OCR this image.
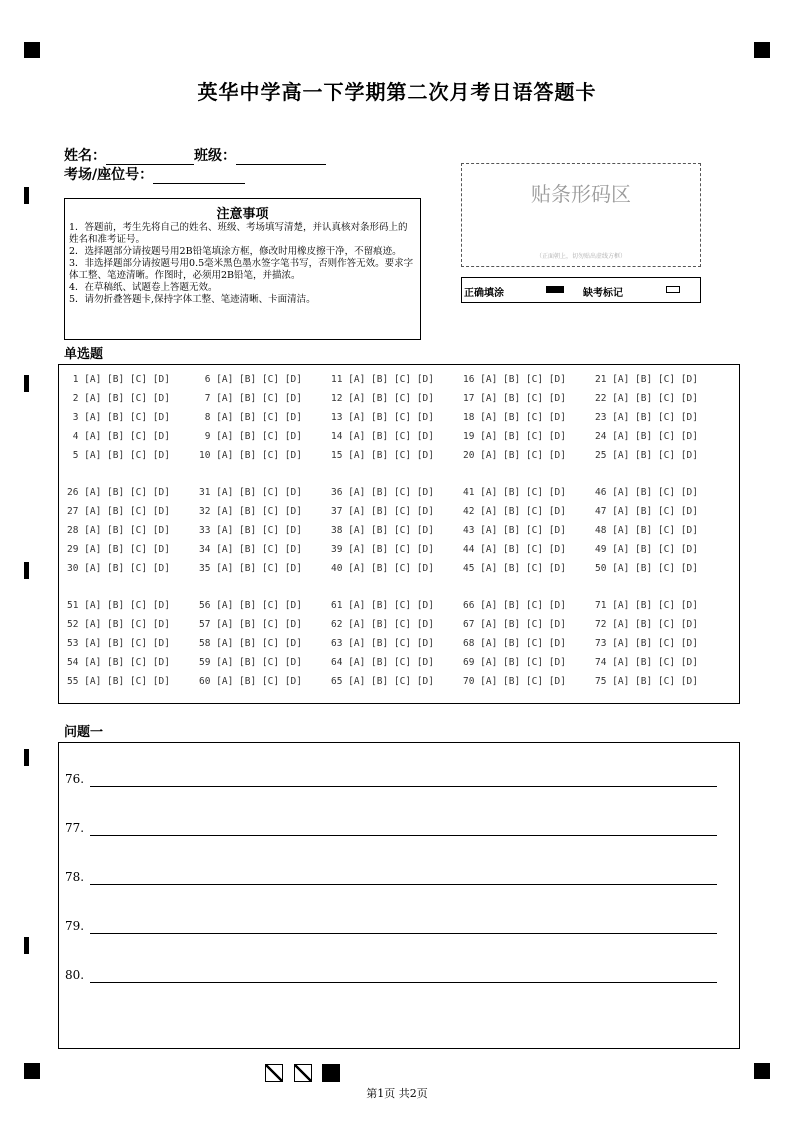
英华中学高一下学期第二次月考日语答题卡
姓名：	班级：
考场/座位号：
注意事项
1．答题前，考生先将自己的姓名、班级、考场填写清楚，并认真核对条形码上的姓名和准考证号。
2．选择题部分请按题号用2B铅笔填涂方框，修改时用橡皮擦干净，不留痕迹。
3．非选择题部分请按题号用0.5毫米黑色墨水签字笔书写，否则作答无效。要求字体工整、笔迹清晰。作图时，必须用2B铅笔，并描浓。
4．在草稿纸、试题卷上答题无效。
5．请勿折叠答题卡,保持字体工整、笔迹清晰、卡面清洁。
贴条形码区
（正面朝上，切勿贴出虚线方框）
正确填涂	缺考标记
单选题
1 [A] [B] [C] [D]
2 [A] [B] [C] [D]
3 [A] [B] [C] [D]
4 [A] [B] [C] [D]
5 [A] [B] [C] [D]
6 [A] [B] [C] [D]
7 [A] [B] [C] [D]
8 [A] [B] [C] [D]
9 [A] [B] [C] [D]
10 [A] [B] [C] [D]
11 [A] [B] [C] [D]
12 [A] [B] [C] [D]
13 [A] [B] [C] [D]
14 [A] [B] [C] [D]
15 [A] [B] [C] [D]
16 [A] [B] [C] [D]
17 [A] [B] [C] [D]
18 [A] [B] [C] [D]
19 [A] [B] [C] [D]
20 [A] [B] [C] [D]
21 [A] [B] [C] [D]
22 [A] [B] [C] [D]
23 [A] [B] [C] [D]
24 [A] [B] [C] [D]
25 [A] [B] [C] [D]
26 [A] [B] [C] [D]
27 [A] [B] [C] [D]
28 [A] [B] [C] [D]
29 [A] [B] [C] [D]
30 [A] [B] [C] [D]
31 [A] [B] [C] [D]
32 [A] [B] [C] [D]
33 [A] [B] [C] [D]
34 [A] [B] [C] [D]
35 [A] [B] [C] [D]
36 [A] [B] [C] [D]
37 [A] [B] [C] [D]
38 [A] [B] [C] [D]
39 [A] [B] [C] [D]
40 [A] [B] [C] [D]
41 [A] [B] [C] [D]
42 [A] [B] [C] [D]
43 [A] [B] [C] [D]
44 [A] [B] [C] [D]
45 [A] [B] [C] [D]
46 [A] [B] [C] [D]
47 [A] [B] [C] [D]
48 [A] [B] [C] [D]
49 [A] [B] [C] [D]
50 [A] [B] [C] [D]
51 [A] [B] [C] [D]
52 [A] [B] [C] [D]
53 [A] [B] [C] [D]
54 [A] [B] [C] [D]
55 [A] [B] [C] [D]
56 [A] [B] [C] [D]
57 [A] [B] [C] [D]
58 [A] [B] [C] [D]
59 [A] [B] [C] [D]
60 [A] [B] [C] [D]
61 [A] [B] [C] [D]
62 [A] [B] [C] [D]
63 [A] [B] [C] [D]
64 [A] [B] [C] [D]
65 [A] [B] [C] [D]
66 [A] [B] [C] [D]
67 [A] [B] [C] [D]
68 [A] [B] [C] [D]
69 [A] [B] [C] [D]
70 [A] [B] [C] [D]
71 [A] [B] [C] [D]
72 [A] [B] [C] [D]
73 [A] [B] [C] [D]
74 [A] [B] [C] [D]
75 [A] [B] [C] [D]
问题一
76.
77.
78.
79.
80.
第1页 共2页
